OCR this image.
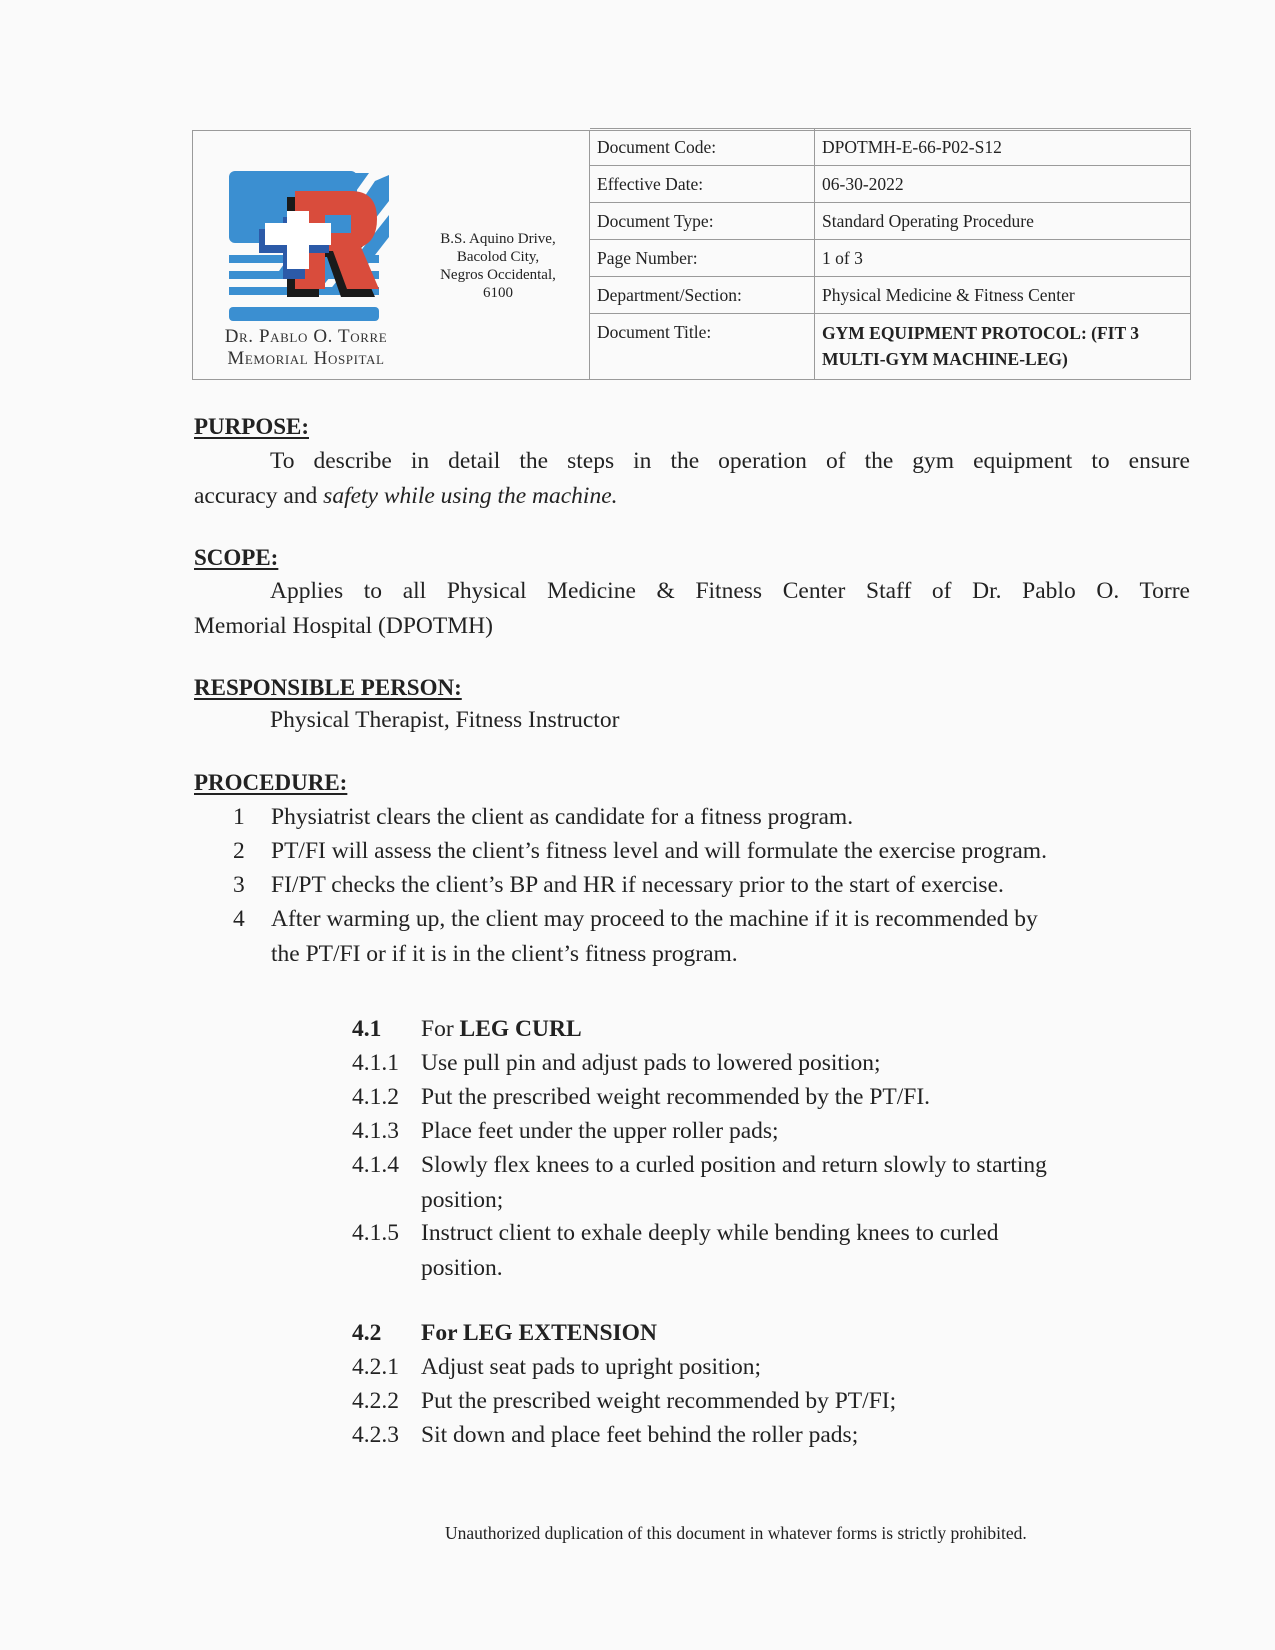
Dr. Pablo O. Torre
Memorial Hospital
B.S. Aquino Drive,
Bacolod City,
Negros Occidental,
6100
Document Code:	DPOTMH-E-66-P02-S12
Effective Date:	06-30-2022
Document Type:	Standard Operating Procedure
Page Number:	1 of 3
Department/Section:	Physical Medicine & Fitness Center
Document Title:	GYM EQUIPMENT PROTOCOL: (FIT 3
MULTI-GYM MACHINE-LEG)
PURPOSE:
To describe in detail the steps in the operation of the gym equipment to ensure
accuracy and safety while using the machine.
SCOPE:
Applies to all Physical Medicine & Fitness Center Staff of Dr. Pablo O. Torre
Memorial Hospital (DPOTMH)
RESPONSIBLE PERSON:
Physical Therapist, Fitness Instructor
PROCEDURE:
1	Physiatrist clears the client as candidate for a fitness program.
2	PT/FI will assess the client’s fitness level and will formulate the exercise program.
3	FI/PT checks the client’s BP and HR if necessary prior to the start of exercise.
4	After warming up, the client may proceed to the machine if it is recommended by
the PT/FI or if it is in the client’s fitness program.
4.1 For LEG CURL
4.1.1 Use pull pin and adjust pads to lowered position;
4.1.2 Put the prescribed weight recommended by the PT/FI.
4.1.3 Place feet under the upper roller pads;
4.1.4 Slowly flex knees to a curled position and return slowly to starting
position;
4.1.5 Instruct client to exhale deeply while bending knees to curled
position.
4.2 For LEG EXTENSION
4.2.1 Adjust seat pads to upright position;
4.2.2 Put the prescribed weight recommended by PT/FI;
4.2.3 Sit down and place feet behind the roller pads;
Unauthorized duplication of this document in whatever forms is strictly prohibited.
